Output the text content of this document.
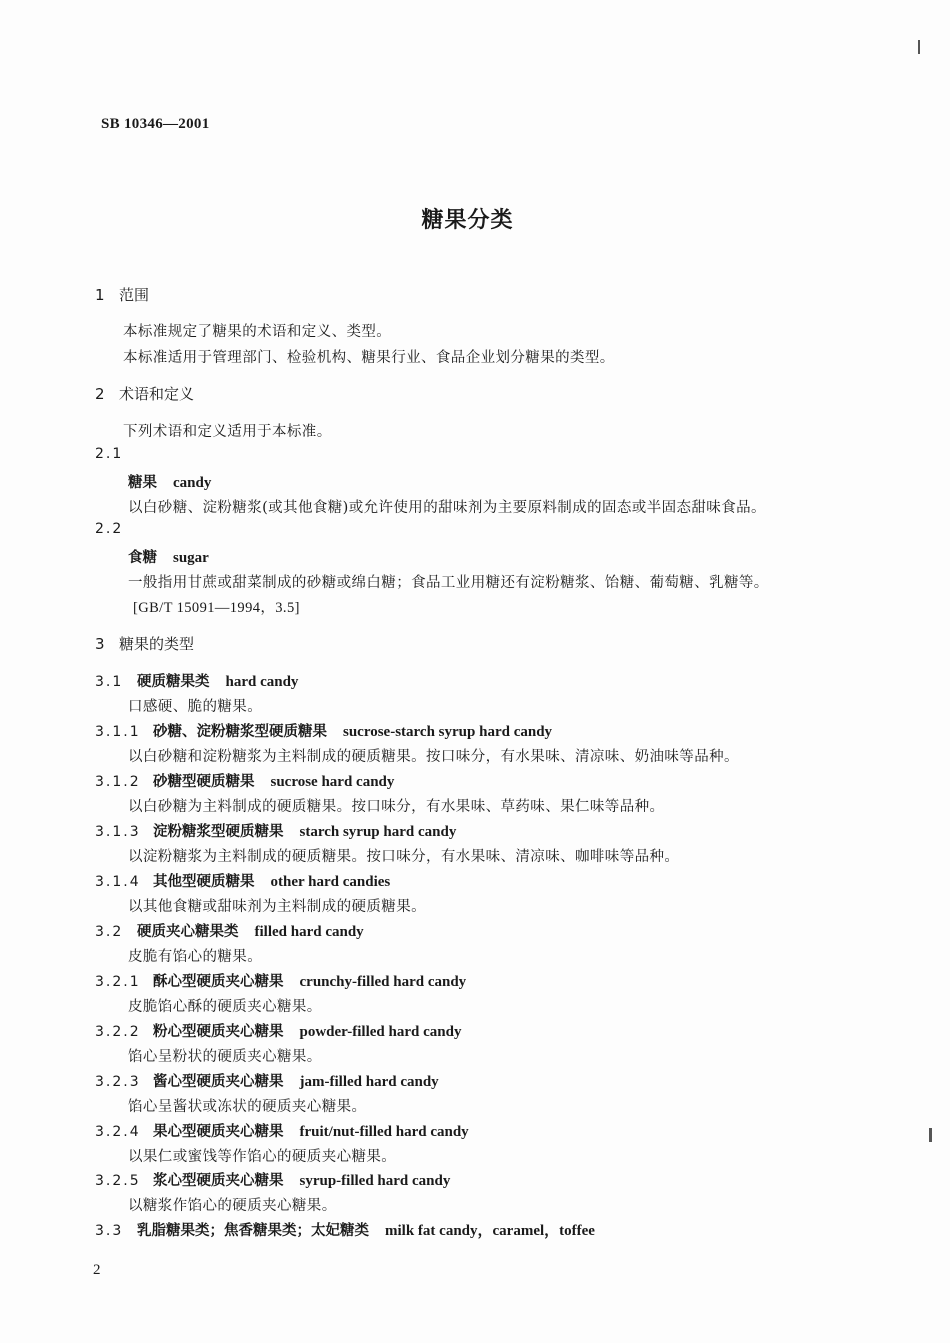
SB 10346—2001
糖果分类
1 范围
本标准规定了糖果的术语和定义、类型。
本标准适用于管理部门、检验机构、糖果行业、食品企业划分糖果的类型。
2 术语和定义
下列术语和定义适用于本标准。
2.1
糖果 candy
以白砂糖、淀粉糖浆(或其他食糖)或允许使用的甜味剂为主要原料制成的固态或半固态甜味食品。
2.2
食糖 sugar
一般指用甘蔗或甜菜制成的砂糖或绵白糖；食品工业用糖还有淀粉糖浆、饴糖、葡萄糖、乳糖等。
[GB/T 15091—1994，3.5]
3 糖果的类型
3.1 硬质糖果类 hard candy
口感硬、脆的糖果。
3.1.1 砂糖、淀粉糖浆型硬质糖果 sucrose-starch syrup hard candy
以白砂糖和淀粉糖浆为主料制成的硬质糖果。按口味分，有水果味、清凉味、奶油味等品种。
3.1.2 砂糖型硬质糖果 sucrose hard candy
以白砂糖为主料制成的硬质糖果。按口味分，有水果味、草药味、果仁味等品种。
3.1.3 淀粉糖浆型硬质糖果 starch syrup hard candy
以淀粉糖浆为主料制成的硬质糖果。按口味分，有水果味、清凉味、咖啡味等品种。
3.1.4 其他型硬质糖果 other hard candies
以其他食糖或甜味剂为主料制成的硬质糖果。
3.2 硬质夹心糖果类 filled hard candy
皮脆有馅心的糖果。
3.2.1 酥心型硬质夹心糖果 crunchy-filled hard candy
皮脆馅心酥的硬质夹心糖果。
3.2.2 粉心型硬质夹心糖果 powder-filled hard candy
馅心呈粉状的硬质夹心糖果。
3.2.3 酱心型硬质夹心糖果 jam-filled hard candy
馅心呈酱状或冻状的硬质夹心糖果。
3.2.4 果心型硬质夹心糖果 fruit/nut-filled hard candy
以果仁或蜜饯等作馅心的硬质夹心糖果。
3.2.5 浆心型硬质夹心糖果 syrup-filled hard candy
以糖浆作馅心的硬质夹心糖果。
3.3 乳脂糖果类；焦香糖果类；太妃糖类 milk fat candy，caramel，toffee
2
